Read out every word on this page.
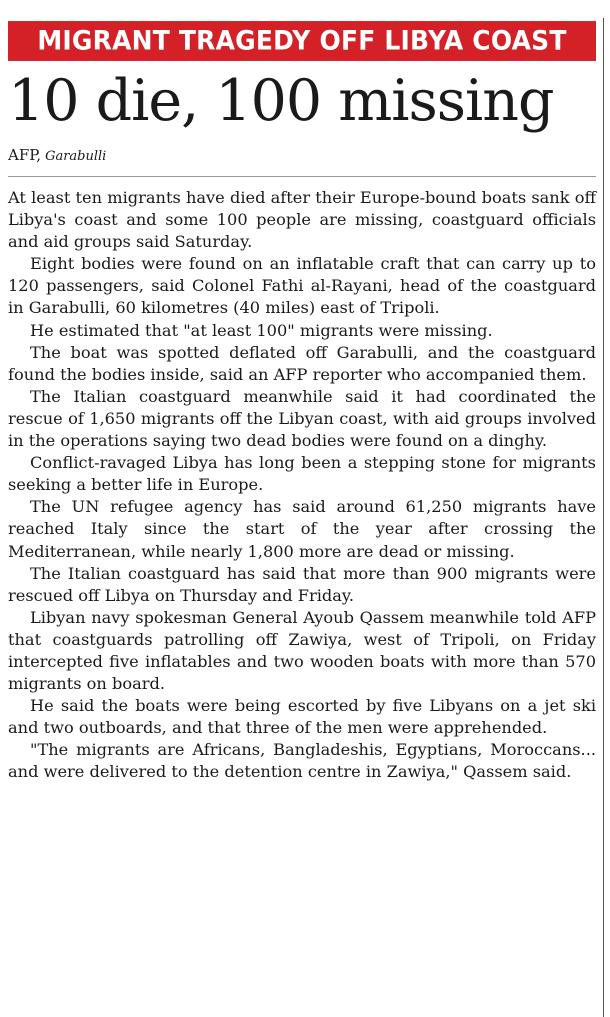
MIGRANT TRAGEDY OFF LIBYA COAST
10 die, 100 missing
AFP, Garabulli

At least ten migrants have died after their Europe-bound boats sank off Libya's coast and some 100 people are missing, coastguard officials and aid groups said Saturday.

Eight bodies were found on an inflatable craft that can carry up to 120 passengers, said Colonel Fathi al-Rayani, head of the coastguard in Garabulli, 60 kilometres (40 miles) east of Tripoli.

He estimated that "at least 100" migrants were missing.

The boat was spotted deflated off Garabulli, and the coastguard found the bodies inside, said an AFP reporter who accompanied them.

The Italian coastguard meanwhile said it had coordinated the rescue of 1,650 migrants off the Libyan coast, with aid groups involved in the operations saying two dead bodies were found on a dinghy.

Conflict-ravaged Libya has long been a stepping stone for migrants seeking a better life in Europe.

The UN refugee agency has said around 61,250 migrants have reached Italy since the start of the year after crossing the Mediterranean, while nearly 1,800 more are dead or missing.

The Italian coastguard has said that more than 900 migrants were rescued off Libya on Thursday and Friday.

Libyan navy spokesman General Ayoub Qassem meanwhile told AFP that coastguards patrolling off Zawiya, west of Tripoli, on Friday intercepted five inflatables and two wooden boats with more than 570 migrants on board.

He said the boats were being escorted by five Libyans on a jet ski and two outboards, and that three of the men were apprehended.

"The migrants are Africans, Bangladeshis, Egyptians, Moroccans... and were delivered to the detention centre in Zawiya," Qassem said.
